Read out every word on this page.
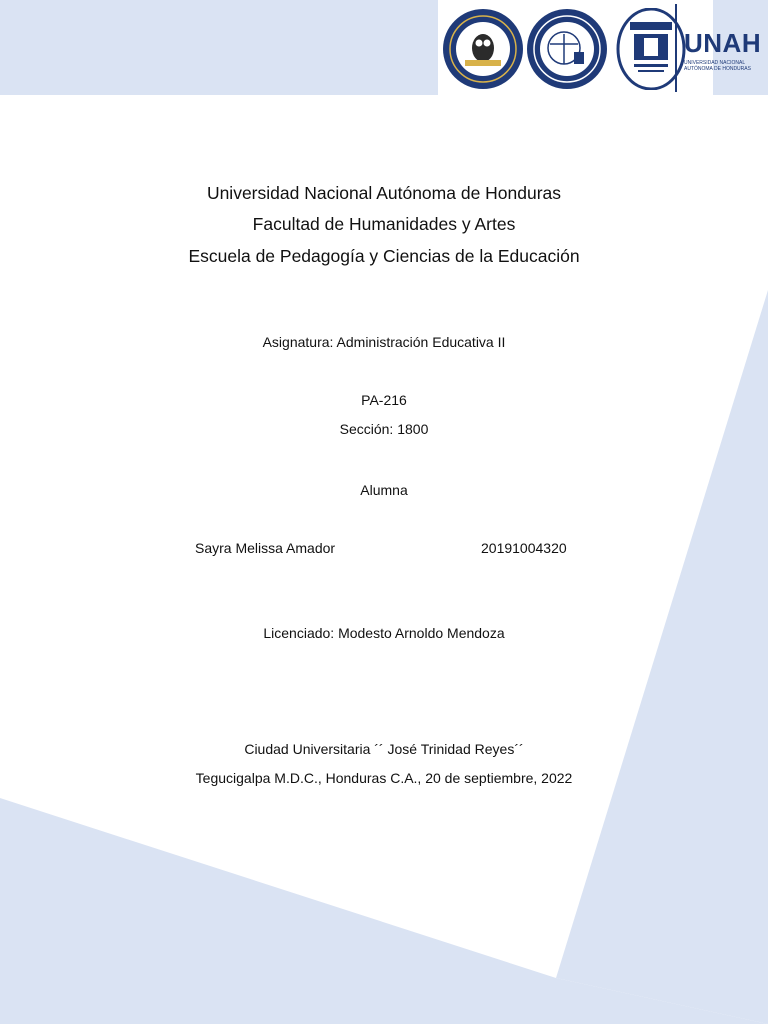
UNAH
UNIVERSIDAD NACIONAL AUTÓNOMA DE HONDURAS
Universidad Nacional Autónoma de Honduras
Facultad de Humanidades y Artes
Escuela de Pedagogía y Ciencias de la Educación
Asignatura: Administración Educativa II
PA-216
Sección: 1800
Alumna
Sayra Melissa Amador	20191004320
Licenciado: Modesto Arnoldo Mendoza
Ciudad Universitaria ´´ José Trinidad Reyes´´
Tegucigalpa M.D.C., Honduras C.A., 20 de septiembre, 2022
